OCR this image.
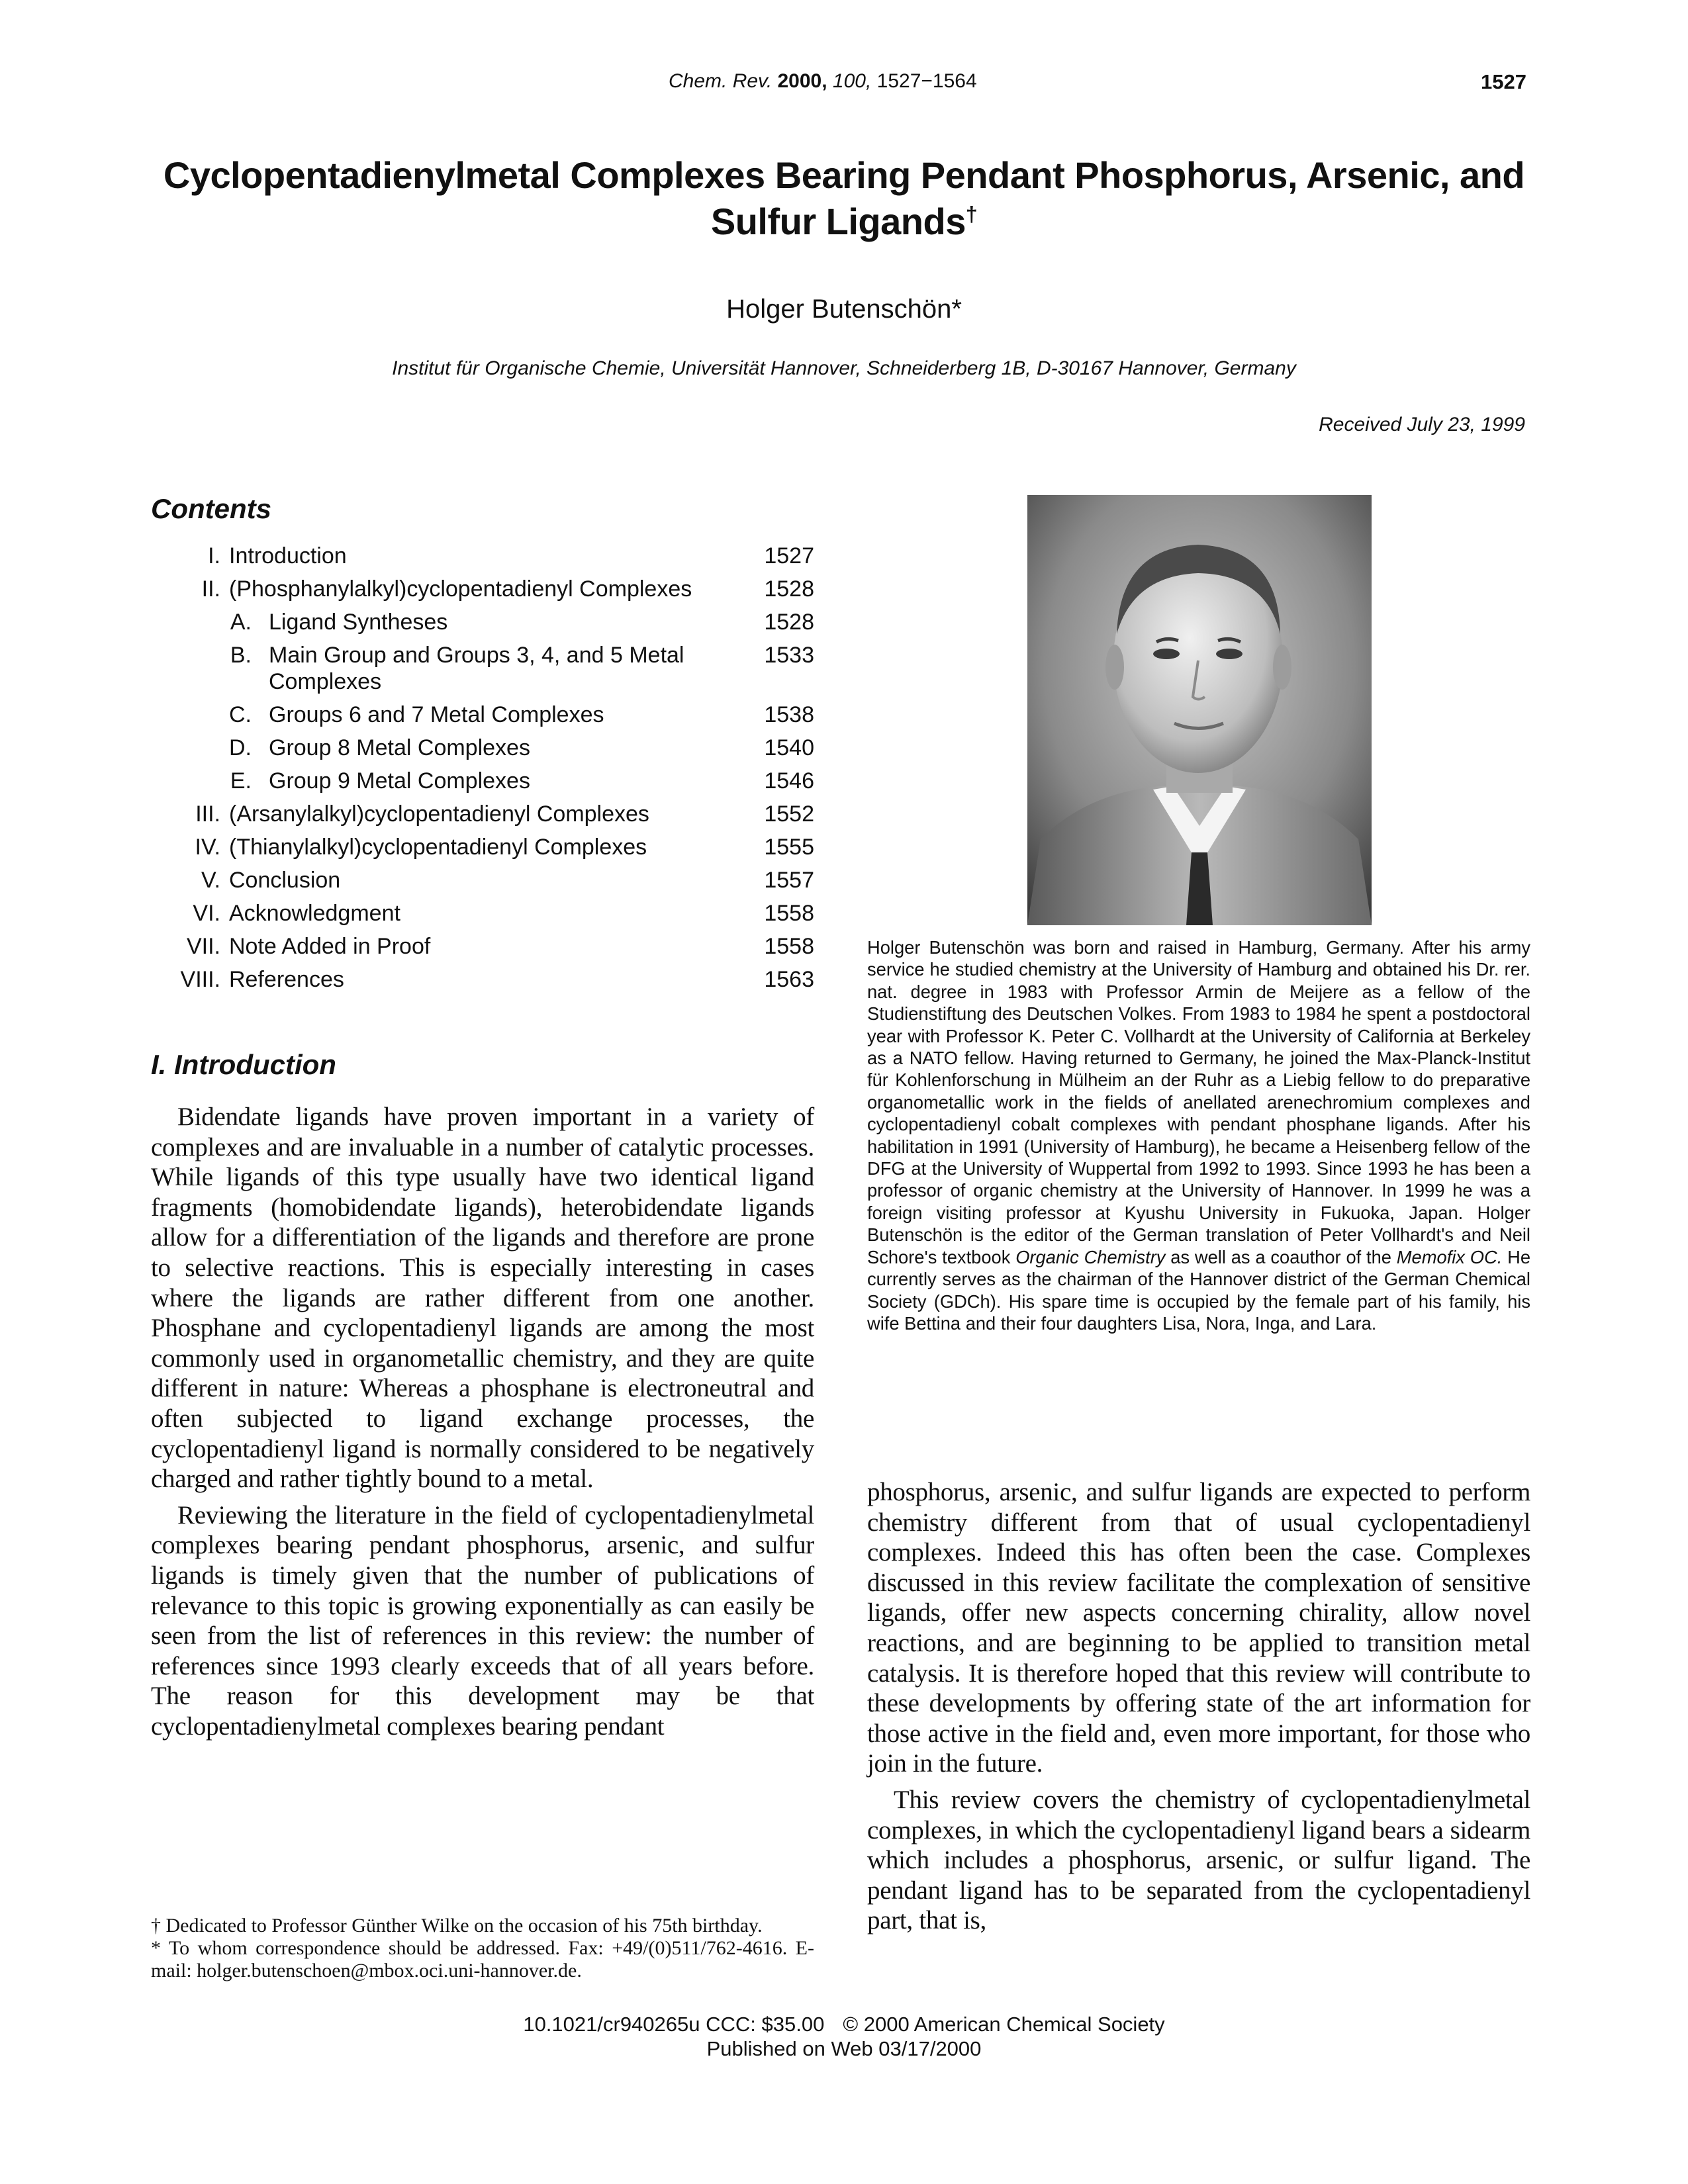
Chem. Rev. 2000, 100, 1527−1564	1527
Cyclopentadienylmetal Complexes Bearing Pendant Phosphorus, Arsenic, and
Sulfur Ligands†
Holger Butenschön*
Institut für Organische Chemie, Universität Hannover, Schneiderberg 1B, D-30167 Hannover, Germany
Received July 23, 1999
Contents
I. Introduction	1527
II. (Phosphanylalkyl)cyclopentadienyl Complexes	1528
A. Ligand Syntheses	1528
B. Main Group and Groups 3, 4, and 5 Metal Complexes
1533
C. Groups 6 and 7 Metal Complexes	1538
D. Group 8 Metal Complexes	1540
E. Group 9 Metal Complexes	1546
III. (Arsanylalkyl)cyclopentadienyl Complexes	1552
IV. (Thianylalkyl)cyclopentadienyl Complexes	1555
V. Conclusion	1557
VI. Acknowledgment	1558
VII. Note Added in Proof	1558
VIII. References	1563

Holger Butenschön was born and raised in Hamburg, Germany. After his army service he studied chemistry at the University of Hamburg and obtained his Dr. rer. nat. degree in 1983 with Professor Armin de Meijere as a fellow of the Studienstiftung des Deutschen Volkes. From 1983 to 1984 he spent a postdoctoral year with Professor K. Peter C. Vollhardt at the University of California at Berkeley as a NATO fellow. Having returned to Germany, he joined the Max-Planck-Institut für Kohlenforschung in Mülheim an der Ruhr as a Liebig fellow to do preparative organometallic work in the fields of anellated arenechromium complexes and cyclopentadienyl cobalt complexes with pendant phosphane ligands. After his habilitation in 1991 (University of Hamburg), he became a Heisenberg fellow of the DFG at the University of Wuppertal from 1992 to 1993. Since 1993 he has been a professor of organic chemistry at the University of Hannover. In 1999 he was a foreign visiting professor at Kyushu University in Fukuoka, Japan. Holger Butenschön is the editor of the German translation of Peter Vollhardt's and Neil Schore's textbook Organic Chemistry as well as a coauthor of the Memofix OC. He currently serves as the chairman of the Hannover district of the German Chemical Society (GDCh). His spare time is occupied by the female part of his family, his wife Bettina and their four daughters Lisa, Nora, Inga, and Lara.

I. Introduction

Bidendate ligands have proven important in a variety of complexes and are invaluable in a number of catalytic processes. While ligands of this type usually have two identical ligand fragments (homobidendate ligands), heterobidendate ligands allow for a differentiation of the ligands and therefore are prone to selective reactions. This is especially interesting in cases where the ligands are rather different from one another. Phosphane and cyclopentadienyl ligands are among the most commonly used in organometallic chemistry, and they are quite different in nature: Whereas a phosphane is electroneutral and often subjected to ligand exchange processes, the cyclopentadienyl ligand is normally considered to be negatively charged and rather tightly bound to a metal.

Reviewing the literature in the field of cyclopentadienylmetal complexes bearing pendant phosphorus, arsenic, and sulfur ligands is timely given that the number of publications of relevance to this topic is growing exponentially as can easily be seen from the list of references in this review: the number of references since 1993 clearly exceeds that of all years before. The reason for this development may be that cyclopentadienylmetal complexes bearing pendant

phosphorus, arsenic, and sulfur ligands are expected to perform chemistry different from that of usual cyclopentadienyl complexes. Indeed this has often been the case. Complexes discussed in this review facilitate the complexation of sensitive ligands, offer new aspects concerning chirality, allow novel reactions, and are beginning to be applied to transition metal catalysis. It is therefore hoped that this review will contribute to these developments by offering state of the art information for those active in the field and, even more important, for those who join in the future.

This review covers the chemistry of cyclopentadienylmetal complexes, in which the cyclopentadienyl ligand bears a sidearm which includes a phosphorus, arsenic, or sulfur ligand. The pendant ligand has to be separated from the cyclopentadienyl part, that is,

† Dedicated to Professor Günther Wilke on the occasion of his 75th birthday.

* To whom correspondence should be addressed. Fax: +49/(0)511/762-4616. E-mail: holger.butenschoen@mbox.oci.uni-hannover.de.

10.1021/cr940265u CCC: $35.00 © 2000 American Chemical Society
Published on Web 03/17/2000
